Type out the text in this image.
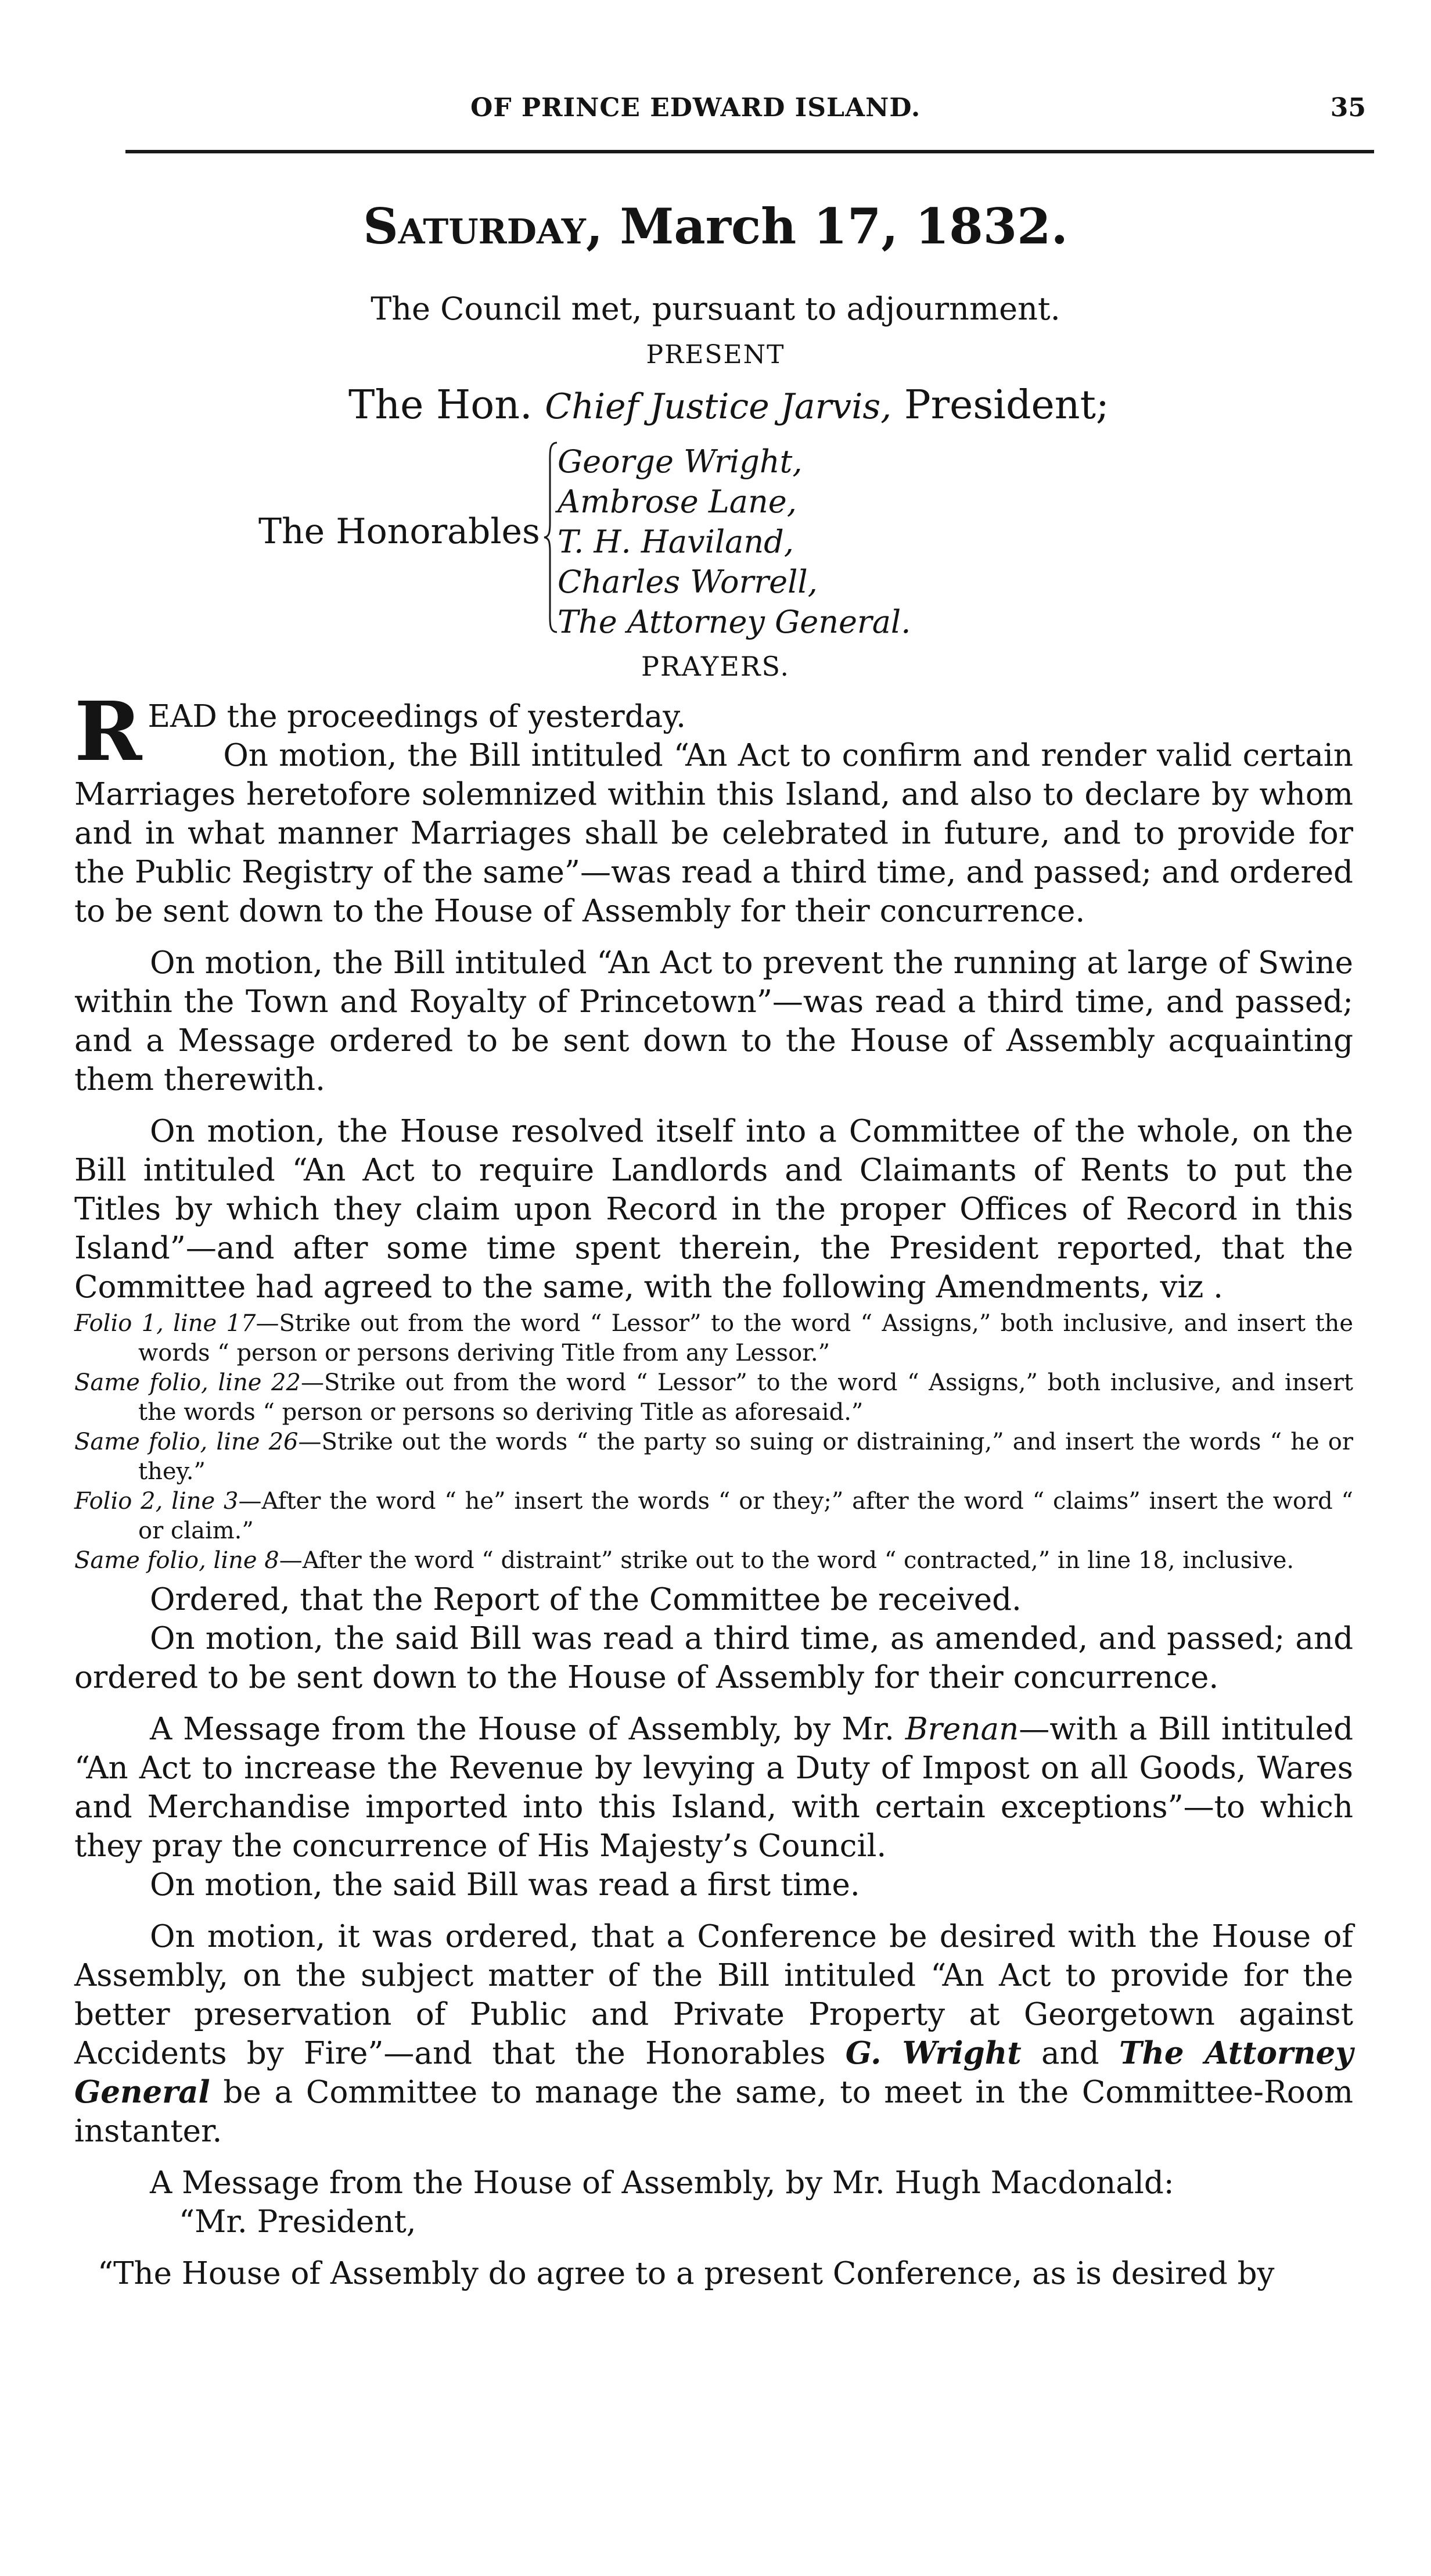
OF PRINCE EDWARD ISLAND.	35
Saturday, March 17, 1832.
The Council met, pursuant to adjournment.
PRESENT
The Hon. Chief Justice Jarvis, President;
The Honorables
George Wright,
Ambrose Lane,
T. H. Haviland,
Charles Worrell,
The Attorney General.
PRAYERS.

READ the proceedings of yesterday.

On motion, the Bill intituled “An Act to confirm and render valid certain Marriages heretofore solemnized within this Island, and also to declare by whom and in what manner Marriages shall be celebrated in future, and to provide for the Public Registry of the same”—was read a third time, and passed; and ordered to be sent down to the House of Assembly for their concurrence.

On motion, the Bill intituled “An Act to prevent the running at large of Swine within the Town and Royalty of Princetown”—was read a third time, and passed; and a Message ordered to be sent down to the House of Assembly acquainting them therewith.

On motion, the House resolved itself into a Committee of the whole, on the Bill intituled “An Act to require Landlords and Claimants of Rents to put the Titles by which they claim upon Record in the proper Offices of Record in this Island”—and after some time spent therein, the President reported, that the Committee had agreed to the same, with the following Amendments, viz .

Folio 1, line 17—Strike out from the word “ Lessor” to the word “ Assigns,” both inclusive, and insert the words “ person or persons deriving Title from any Lessor.”

Same folio, line 22—Strike out from the word “ Lessor” to the word “ Assigns,” both inclusive, and insert the words “ person or persons so deriving Title as aforesaid.”

Same folio, line 26—Strike out the words “ the party so suing or distraining,” and insert the words “ he or they.”

Folio 2, line 3—After the word “ he” insert the words “ or they;” after the word “ claims” insert the word “ or claim.”

Same folio, line 8—After the word “ distraint” strike out to the word “ contracted,” in line 18, inclusive.

Ordered, that the Report of the Committee be received.

On motion, the said Bill was read a third time, as amended, and passed; and ordered to be sent down to the House of Assembly for their concurrence.

A Message from the House of Assembly, by Mr. Brenan—with a Bill intituled “An Act to increase the Revenue by levying a Duty of Impost on all Goods, Wares and Merchandise imported into this Island, with certain exceptions”—to which they pray the concurrence of His Majesty’s Council.

On motion, the said Bill was read a first time.

On motion, it was ordered, that a Conference be desired with the House of Assembly, on the subject matter of the Bill intituled “An Act to provide for the better preservation of Public and Private Property at Georgetown against Accidents by Fire”—and that the Honorables G. Wright and The Attorney General be a Committee to manage the same, to meet in the Committee-Room instanter.

A Message from the House of Assembly, by Mr. Hugh Macdonald:

“Mr. President,

“The House of Assembly do agree to a present Conference, as is desired by
